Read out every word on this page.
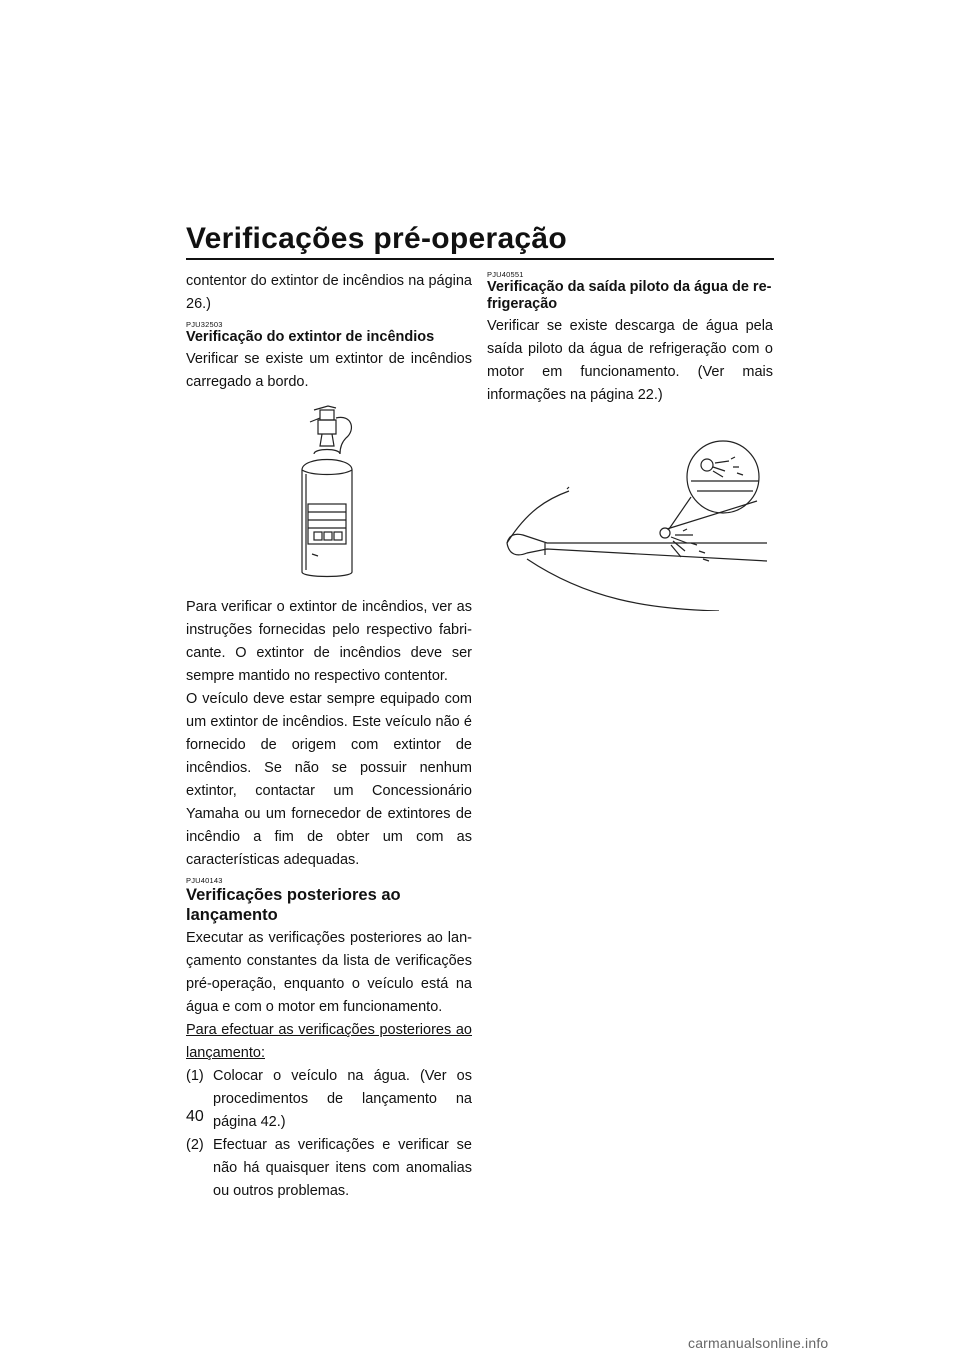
Verificações pré-operação

contentor do extintor de incêndios na página 26.)

PJU32503
Verificação do extintor de incêndios

Verificar se existe um extintor de incêndios carregado a bordo.

Para verificar o extintor de incêndios, ver as instruções fornecidas pelo respectivo fabricante. O extintor de incêndios deve ser sempre mantido no respectivo contentor.

O veículo deve estar sempre equipado com um extintor de incêndios. Este veículo não é fornecido de origem com extintor de incêndios. Se não se possuir nenhum extintor, contactar um Concessionário Yamaha ou um fornecedor de extintores de incêndio a fim de obter um com as características adequadas.

PJU40143
Verificações posteriores ao
lançamento

Executar as verificações posteriores ao lançamento constantes da lista de verificações pré-operação, enquanto o veículo está na água e com o motor em funcionamento.

Para efectuar as verificações posteriores ao lançamento:

(1) Colocar o veículo na água. (Ver os procedimentos de lançamento na página 42.)
(2) Efectuar as verificações e verificar se não há quaisquer itens com anomalias ou outros problemas.
PJU40551
Verificação da saída piloto da água de refrigeração

Verificar se existe descarga de água pela saída piloto da água de refrigeração com o motor em funcionamento. (Ver mais informações na página 22.)

40
carmanualsonline.info
